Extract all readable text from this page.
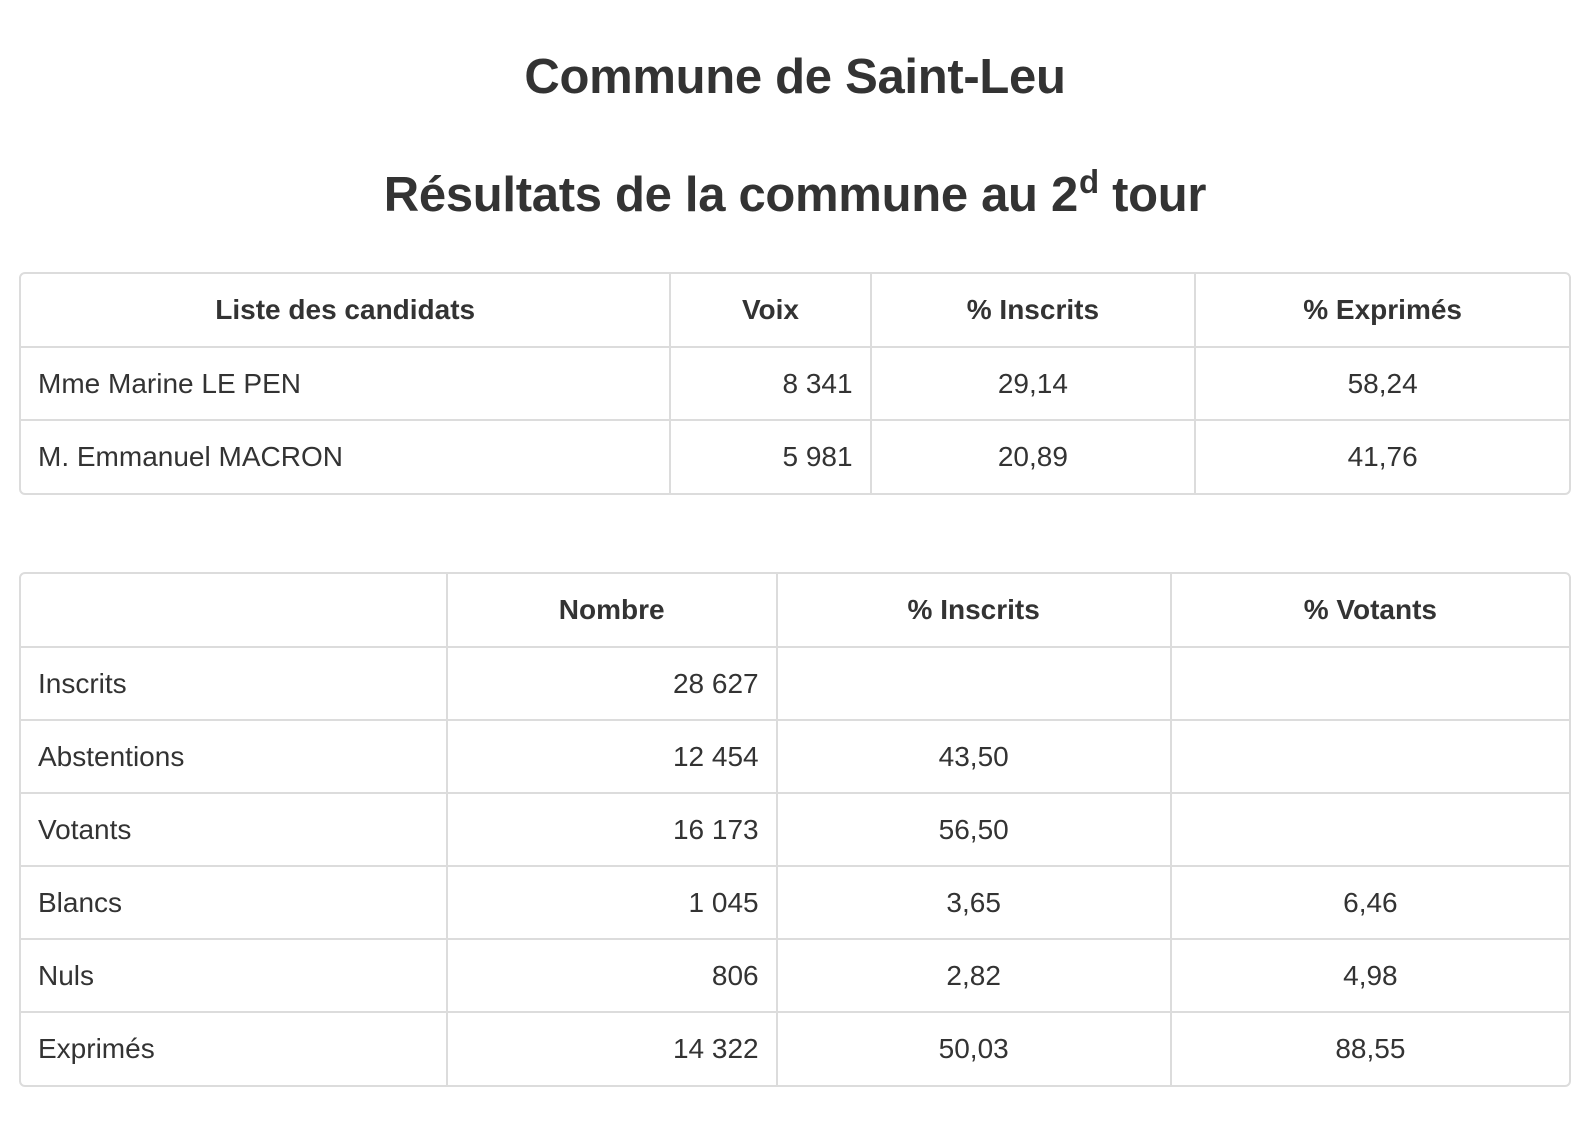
Commune de Saint-Leu
Résultats de la commune au 2$^d$ tour
Liste des candidats	Voix	% Inscrits	% Exprimés
Mme Marine LE PEN	8 341	29,14	58,24
M. Emmanuel MACRON	5 981	20,89	41,76
	Nombre	% Inscrits	% Votants
Inscrits	28 627		
Abstentions	12 454	43,50	
Votants	16 173	56,50	
Blancs	1 045	3,65	6,46
Nuls	806	2,82	4,98
Exprimés	14 322	50,03	88,55
